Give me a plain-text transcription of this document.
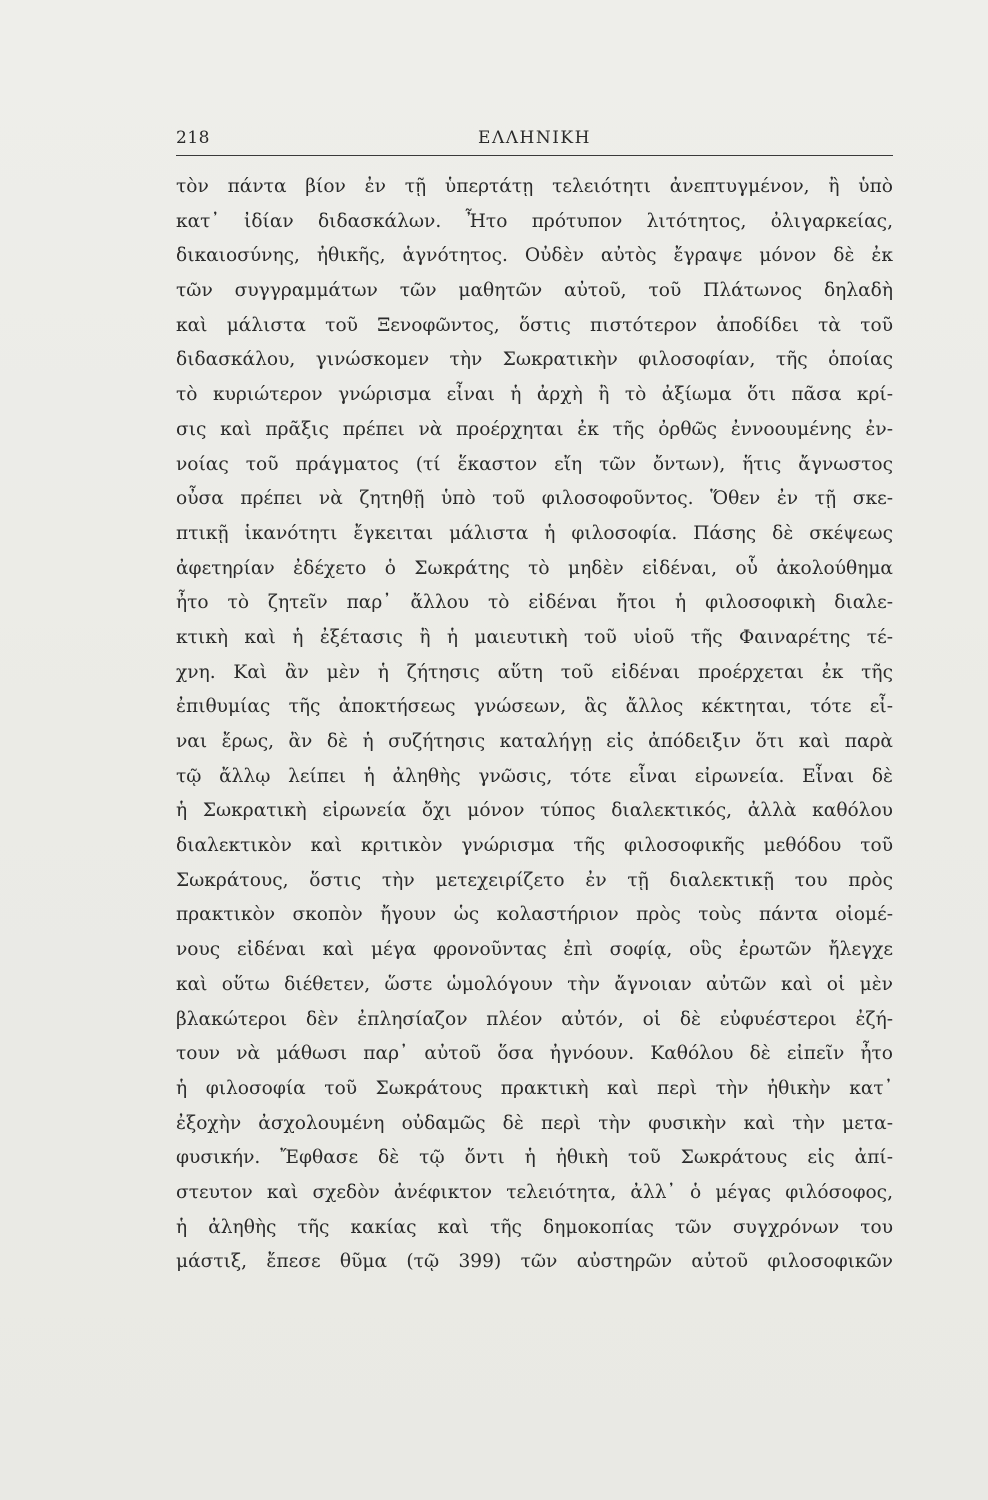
218	ΕΛΛΗΝΙΚΗ
τὸν πάντα βίον ἐν τῇ ὑπερτάτῃ τελειότητι ἀνεπτυγμένον, ἢ ὑπὸ
κατ᾽ ἰδίαν διδασκάλων. Ἦτο πρότυπον λιτότητος, ὀλιγαρκείας,
δικαιοσύνης, ἠθικῆς, ἁγνότητος. Οὐδὲν αὐτὸς ἔγραψε μόνον δὲ ἐκ
τῶν συγγραμμάτων τῶν μαθητῶν αὐτοῦ, τοῦ Πλάτωνος δηλαδὴ
καὶ μάλιστα τοῦ Ξενοφῶντος, ὅστις πιστότερον ἀποδίδει τὰ τοῦ
διδασκάλου, γινώσκομεν τὴν Σωκρατικὴν φιλοσοφίαν, τῆς ὁποίας
τὸ κυριώτερον γνώρισμα εἶναι ἡ ἀρχὴ ἢ τὸ ἀξίωμα ὅτι πᾶσα κρί-
σις καὶ πρᾶξις πρέπει νὰ προέρχηται ἐκ τῆς ὀρθῶς ἐννοουμένης ἐν-
νοίας τοῦ πράγματος (τί ἕκαστον εἴη τῶν ὄντων), ἥτις ἄγνωστος
οὖσα πρέπει νὰ ζητηθῇ ὑπὸ τοῦ φιλοσοφοῦντος. Ὅθεν ἐν τῇ σκε-
πτικῇ ἱκανότητι ἔγκειται μάλιστα ἡ φιλοσοφία. Πάσης δὲ σκέψεως
ἀφετηρίαν ἐδέχετο ὁ Σωκράτης τὸ μηδὲν εἰδέναι, οὗ ἀκολούθημα
ἦτο τὸ ζητεῖν παρ᾽ ἄλλου τὸ εἰδέναι ἤτοι ἡ φιλοσοφικὴ διαλε-
κτικὴ καὶ ἡ ἐξέτασις ἢ ἡ μαιευτικὴ τοῦ υἱοῦ τῆς Φαιναρέτης τέ-
χνη. Καὶ ἂν μὲν ἡ ζήτησις αὕτη τοῦ εἰδέναι προέρχεται ἐκ τῆς
ἐπιθυμίας τῆς ἀποκτήσεως γνώσεων, ἃς ἄλλος κέκτηται, τότε εἶ-
ναι ἔρως, ἂν δὲ ἡ συζήτησις καταλήγῃ εἰς ἀπόδειξιν ὅτι καὶ παρὰ
τῷ ἄλλῳ λείπει ἡ ἀληθὴς γνῶσις, τότε εἶναι εἰρωνεία. Εἶναι δὲ
ἡ Σωκρατικὴ εἰρωνεία ὄχι μόνον τύπος διαλεκτικός, ἀλλὰ καθόλου
διαλεκτικὸν καὶ κριτικὸν γνώρισμα τῆς φιλοσοφικῆς μεθόδου τοῦ
Σωκράτους, ὅστις τὴν μετεχειρίζετο ἐν τῇ διαλεκτικῇ του πρὸς
πρακτικὸν σκοπὸν ἤγουν ὡς κολαστήριον πρὸς τοὺς πάντα οἰομέ-
νους εἰδέναι καὶ μέγα φρονοῦντας ἐπὶ σοφίᾳ, οὓς ἐρωτῶν ἤλεγχε
καὶ οὕτω διέθετεν, ὥστε ὡμολόγουν τὴν ἄγνοιαν αὐτῶν καὶ οἱ μὲν
βλακώτεροι δὲν ἐπλησίαζον πλέον αὐτόν, οἱ δὲ εὐφυέστεροι ἐζή-
τουν νὰ μάθωσι παρ᾽ αὐτοῦ ὅσα ἠγνόουν. Καθόλου δὲ εἰπεῖν ἦτο
ἡ φιλοσοφία τοῦ Σωκράτους πρακτικὴ καὶ περὶ τὴν ἠθικὴν κατ᾽
ἐξοχὴν ἀσχολουμένη οὐδαμῶς δὲ περὶ τὴν φυσικὴν καὶ τὴν μετα-
φυσικήν. Ἔφθασε δὲ τῷ ὄντι ἡ ἠθικὴ τοῦ Σωκράτους εἰς ἀπί-
στευτον καὶ σχεδὸν ἀνέφικτον τελειότητα, ἀλλ᾽ ὁ μέγας φιλόσοφος,
ἡ ἀληθὴς τῆς κακίας καὶ τῆς δημοκοπίας τῶν συγχρόνων του
μάστιξ, ἔπεσε θῦμα (τῷ 399) τῶν αὐστηρῶν αὐτοῦ φιλοσοφικῶν
